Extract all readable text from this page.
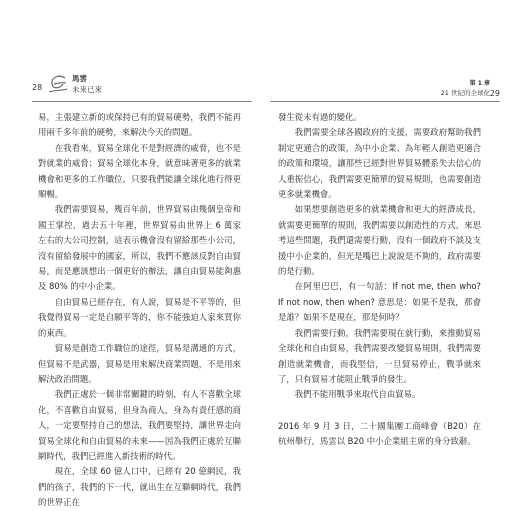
28
馬雲
未來已來
第 1 章
21 世紀的全球化 29

易，主張建立新的或保持已有的貿易硬勢，我們不能再用兩千多年前的硬勢，來解決今天的問題。

在我看來，貿易全球化不是對經濟的威脅，也不是對就業的威脅；貿易全球化本身，就意味著更多的就業機會和更多的工作職位，只要我們能讓全球化進行得更順暢。

我們需要貿易，幾百年前，世界貿易由幾個皇帝和國王掌控，過去五十年裡，世界貿易由世界上 6 萬家左右的大公司控制，這表示機會沒有留給那些小公司，沒有留給發展中的國家，所以，我們不應該反對自由貿易，而是應該想出一個更好的辦法，讓自由貿易能夠惠及 80% 的中小企業。

自由貿易已經存在，有人說，貿易是不平等的，但我覺得貿易一定是自願平等的，你不能強迫人家來買你的東西。

貿易是創造工作職位的途徑，貿易是溝通的方式，但貿易不是武器，貿易是用來解決商業問題，不是用來解決政治問題。

我們正處於一個非常關鍵的時刻，有人不喜歡全球化，不喜歡自由貿易，但身為商人，身為有責任感的商人，一定要堅持自己的想法，我們要堅持，讓世界走向貿易全球化和自由貿易的未來——因為我們正處於互聯網時代，我們已經進入新技術的時代。

現在，全球 60 億人口中，已經有 20 億網民，我們的孩子，我們的下一代，就出生在互聯網時代，我們的世界正在

發生從未有過的變化。

我們需要全球各國政府的支援，需要政府幫助我們制定更通合的政策，為中小企業、為年輕人創造更適合的政策和環境，讓那些已經對世界貿易體系失去信心的人重振信心，我們需要更簡單的貿易規則，也需要創造更多就業機會。

如果想要創造更多的就業機會和更大的經濟成長，就需要更簡單的規則，我們需要以創造性的方式，來思考這些問題，我們還需要行動，沒有一個政府不談及支援中小企業的，但光是嘴巴上說說是不夠的，政府需要的是行動。

在阿里巴巴，有一句話：If not me, then who? If not now, then when? 意思是：如果不是我，那會是誰？如果不是現在，那是何時？

我們需要行動，我們需要現在就行動，來推動貿易全球化和自由貿易，我們需要改變貿易規則，我們需要創造就業機會，而我堅信，一旦貿易停止，戰爭就來了，只有貿易才能阻止戰爭的發生。

我們不能用戰爭來取代自由貿易。

2016 年 9 月 3 日，二十國集團工商峰會（B20）在杭州舉行，馬雲以 B20 中小企業組主席的身分致辭。
